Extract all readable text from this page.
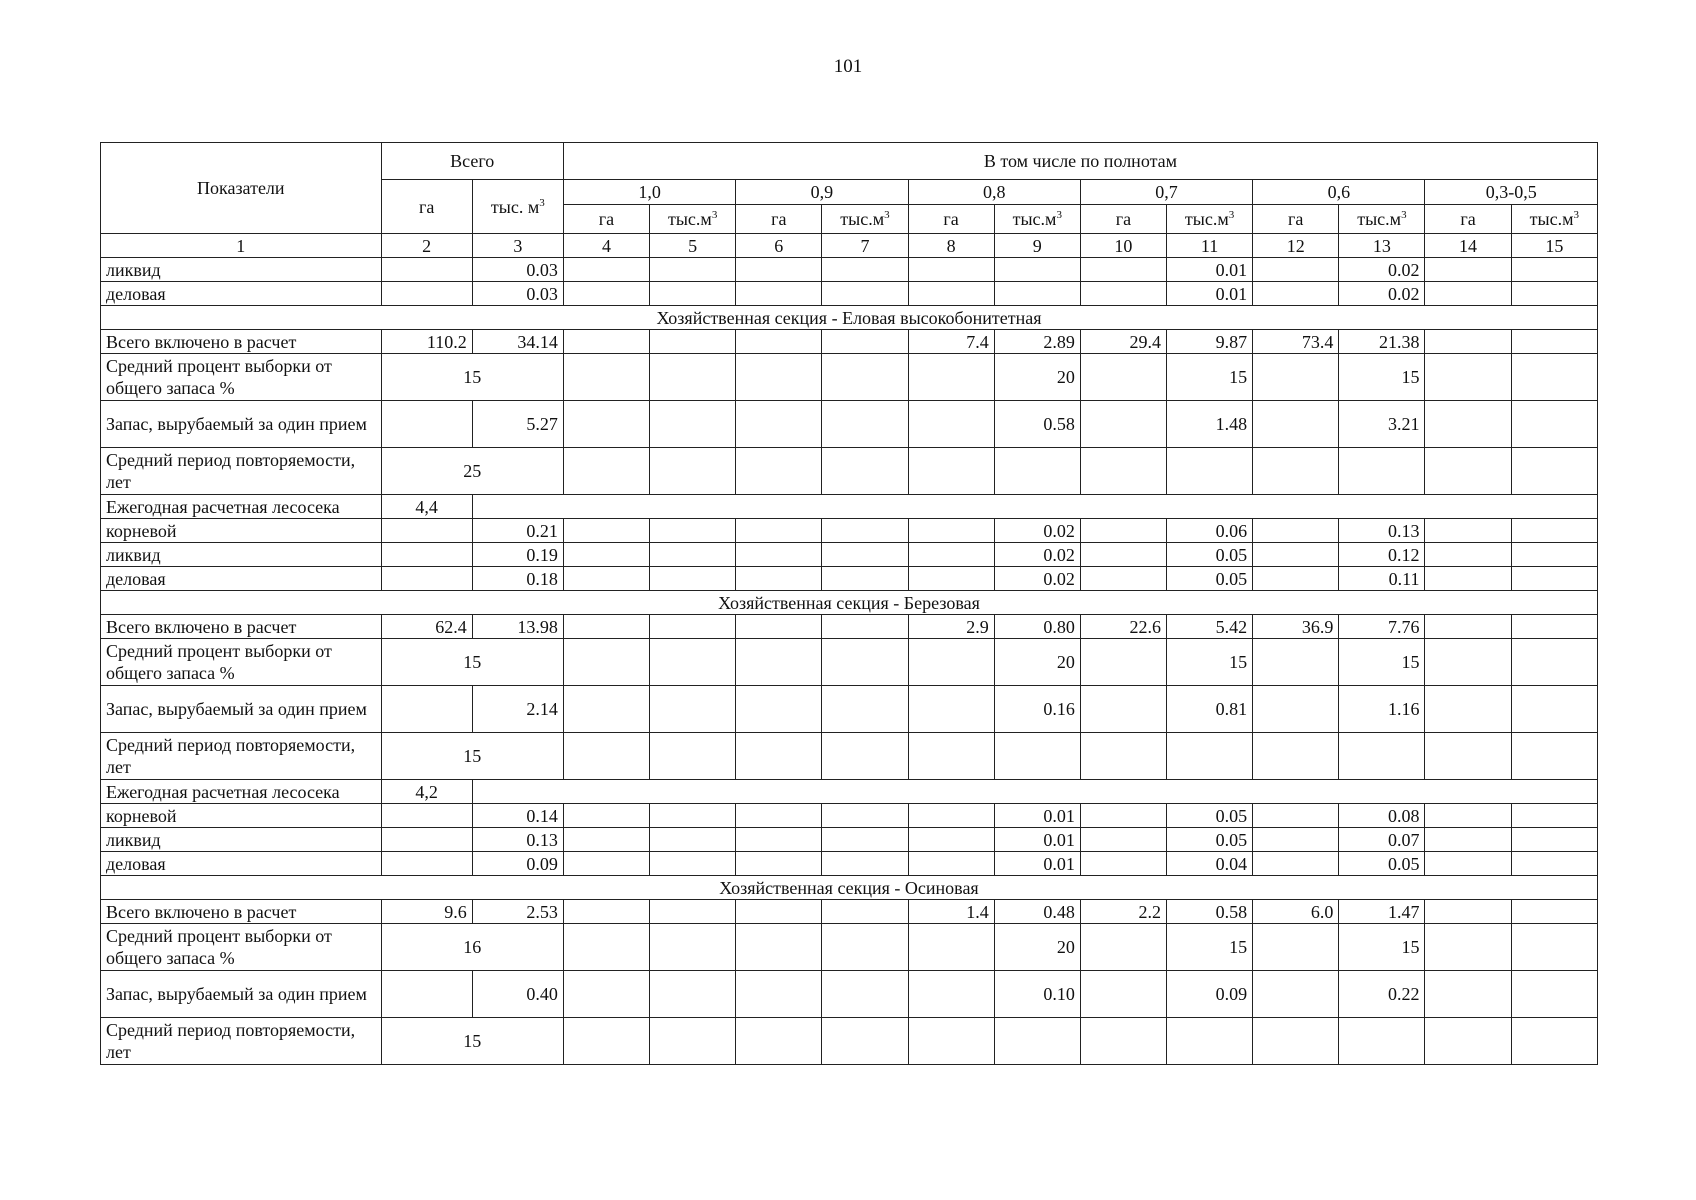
101
Показатели	Всего		В том числе по полнотам											
	га	тыс. $м^3$	1,0		0,9		0,8		0,7		0,6		0,3-0,5	
			га	$тыс.м^3$	га	$тыс.м^3$	га	$тыс.м^3$	га	$тыс.м^3$	га	$тыс.м^3$	га	$тыс.м^3$
1	2	3	4	5	6	7	8	9	10	11	12	13	14	15
ликвид		0.03								0.01		0.02		
деловая		0.03								0.01		0.02		
Хозяйственная секция - Еловая высокобонитетная														
Всего включено в расчет	110.2	34.14					7.4	2.89	29.4	9.87	73.4	21.38		
Средний процент выборки от общего запаса %	15							20		15		15		
Запас, вырубаемый за один прием		5.27						0.58		1.48		3.21		
Средний период повторяемости, лет	25													
Ежегодная расчетная лесосека	4,4													
корневой		0.21						0.02		0.06		0.13		
ликвид		0.19						0.02		0.05		0.12		
деловая		0.18						0.02		0.05		0.11		
Хозяйственная секция - Березовая														
Всего включено в расчет	62.4	13.98					2.9	0.80	22.6	5.42	36.9	7.76		
Средний процент выборки от общего запаса %	15							20		15		15		
Запас, вырубаемый за один прием		2.14						0.16		0.81		1.16		
Средний период повторяемости, лет	15													
Ежегодная расчетная лесосека	4,2													
корневой		0.14						0.01		0.05		0.08		
ликвид		0.13						0.01		0.05		0.07		
деловая		0.09						0.01		0.04		0.05		
Хозяйственная секция - Осиновая														
Всего включено в расчет	9.6	2.53					1.4	0.48	2.2	0.58	6.0	1.47		
Средний процент выборки от общего запаса %	16							20		15		15		
Запас, вырубаемый за один прием		0.40						0.10		0.09		0.22		
Средний период повторяемости, лет	15													
